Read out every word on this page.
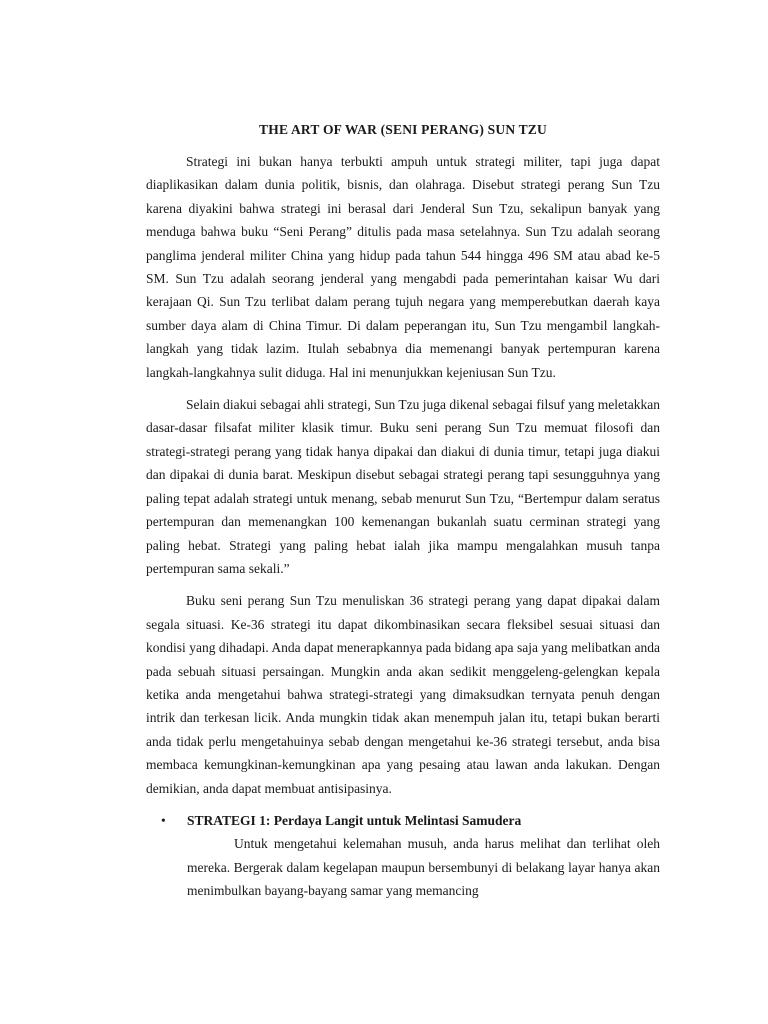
THE ART OF WAR (SENI PERANG) SUN TZU

Strategi ini bukan hanya terbukti ampuh untuk strategi militer, tapi juga dapat diaplikasikan dalam dunia politik, bisnis, dan olahraga. Disebut strategi perang Sun Tzu karena diyakini bahwa strategi ini berasal dari Jenderal Sun Tzu, sekalipun banyak yang menduga bahwa buku “Seni Perang” ditulis pada masa setelahnya. Sun Tzu adalah seorang panglima jenderal militer China yang hidup pada tahun 544 hingga 496 SM atau abad ke-5 SM. Sun Tzu adalah seorang jenderal yang mengabdi pada pemerintahan kaisar Wu dari kerajaan Qi. Sun Tzu terlibat dalam perang tujuh negara yang memperebutkan daerah kaya sumber daya alam di China Timur. Di dalam peperangan itu, Sun Tzu mengambil langkah-langkah yang tidak lazim. Itulah sebabnya dia memenangi banyak pertempuran karena langkah-langkahnya sulit diduga. Hal ini menunjukkan kejeniusan Sun Tzu.

Selain diakui sebagai ahli strategi, Sun Tzu juga dikenal sebagai filsuf yang meletakkan dasar-dasar filsafat militer klasik timur. Buku seni perang Sun Tzu memuat filosofi dan strategi-strategi perang yang tidak hanya dipakai dan diakui di dunia timur, tetapi juga diakui dan dipakai di dunia barat. Meskipun disebut sebagai strategi perang tapi sesungguhnya yang paling tepat adalah strategi untuk menang, sebab menurut Sun Tzu, “Bertempur dalam seratus pertempuran dan memenangkan 100 kemenangan bukanlah suatu cerminan strategi yang paling hebat. Strategi yang paling hebat ialah jika mampu mengalahkan musuh tanpa pertempuran sama sekali.”

Buku seni perang Sun Tzu menuliskan 36 strategi perang yang dapat dipakai dalam segala situasi. Ke-36 strategi itu dapat dikombinasikan secara fleksibel sesuai situasi dan kondisi yang dihadapi. Anda dapat menerapkannya pada bidang apa saja yang melibatkan anda pada sebuah situasi persaingan. Mungkin anda akan sedikit menggeleng-gelengkan kepala ketika anda mengetahui bahwa strategi-strategi yang dimaksudkan ternyata penuh dengan intrik dan terkesan licik. Anda mungkin tidak akan menempuh jalan itu, tetapi bukan berarti anda tidak perlu mengetahuinya sebab dengan mengetahui ke-36 strategi tersebut, anda bisa membaca kemungkinan-kemungkinan apa yang pesaing atau lawan anda lakukan. Dengan demikian, anda dapat membuat antisipasinya.

• STRATEGI 1: Perdaya Langit untuk Melintasi Samudera

Untuk mengetahui kelemahan musuh, anda harus melihat dan terlihat oleh mereka. Bergerak dalam kegelapan maupun bersembunyi di belakang layar hanya akan menimbulkan bayang-bayang samar yang memancing
